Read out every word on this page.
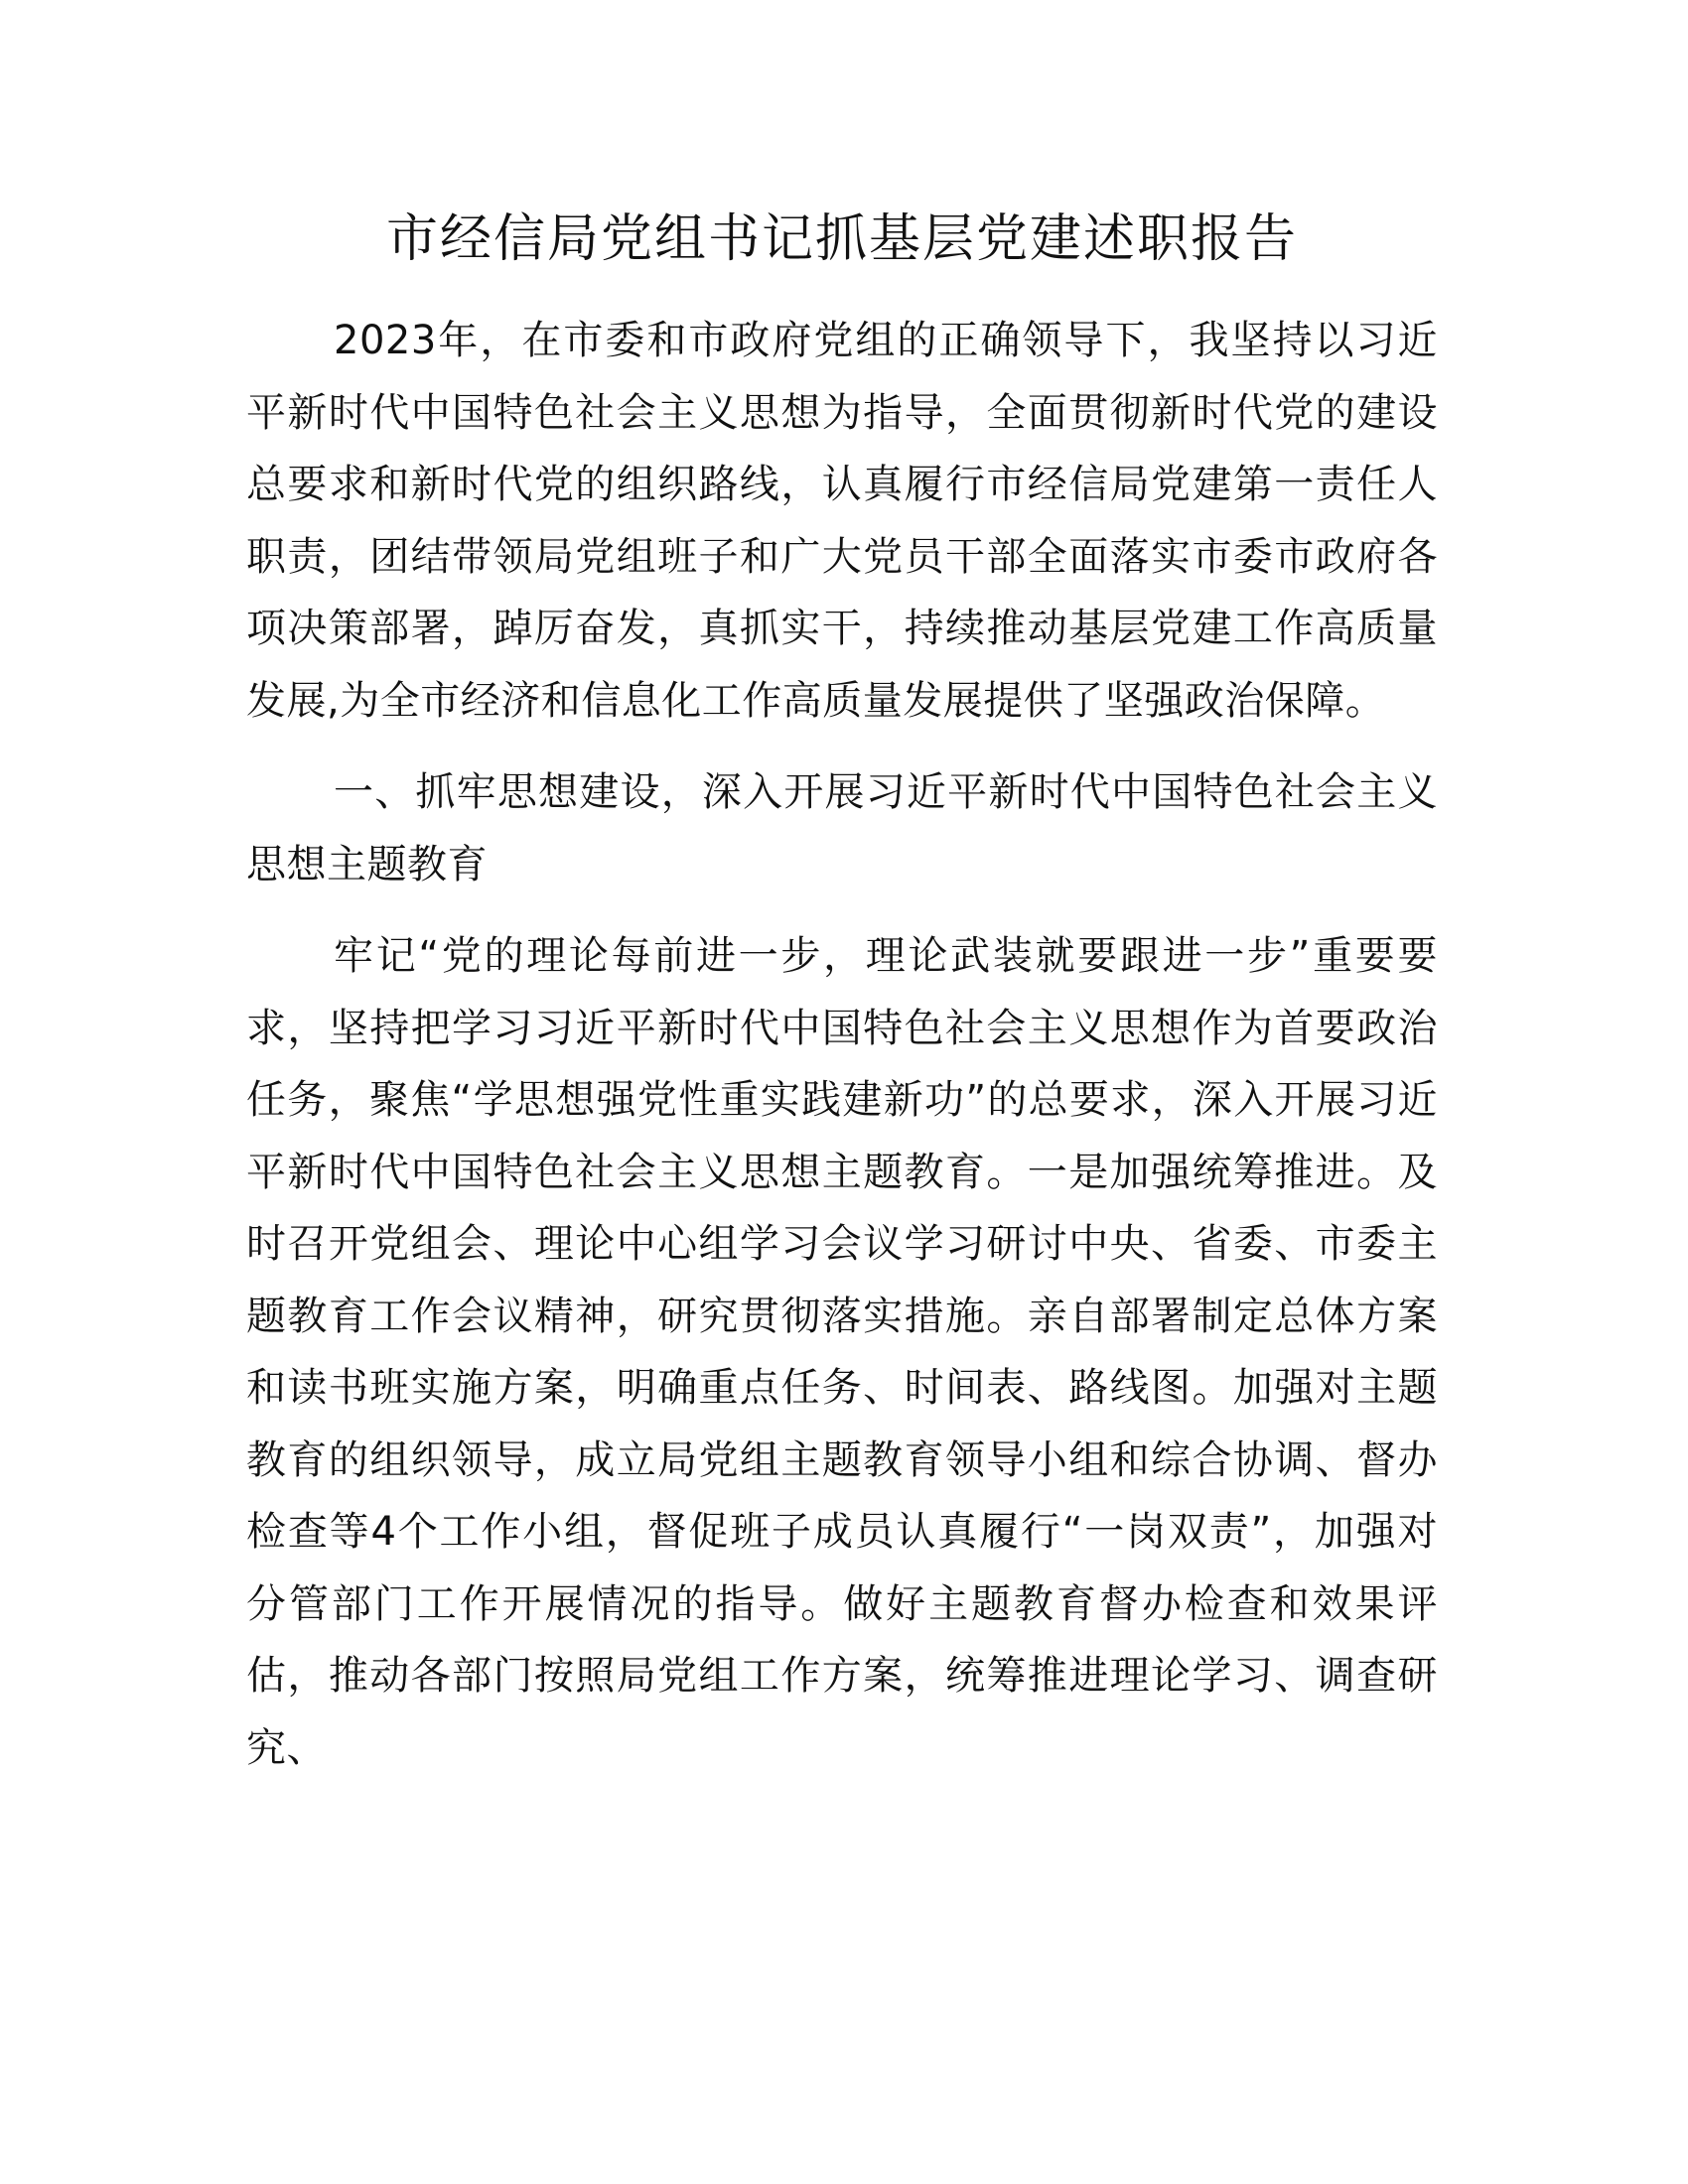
市经信局党组书记抓基层党建述职报告

2023年，在市委和市政府党组的正确领导下，我坚持以习近平新时代中国特色社会主义思想为指导，全面贯彻新时代党的建设总要求和新时代党的组织路线，认真履行市经信局党建第一责任人职责，团结带领局党组班子和广大党员干部全面落实市委市政府各项决策部署，踔厉奋发，真抓实干，持续推动基层党建工作高质量发展,为全市经济和信息化工作高质量发展提供了坚强政治保障。

一、抓牢思想建设，深入开展习近平新时代中国特色社会主义思想主题教育

牢记“党的理论每前进一步，理论武装就要跟进一步”重要要求，坚持把学习习近平新时代中国特色社会主义思想作为首要政治任务，聚焦“学思想强党性重实践建新功”的总要求，深入开展习近平新时代中国特色社会主义思想主题教育。一是加强统筹推进。及时召开党组会、理论中心组学习会议学习研讨中央、省委、市委主题教育工作会议精神，研究贯彻落实措施。亲自部署制定总体方案和读书班实施方案，明确重点任务、时间表、路线图。加强对主题教育的组织领导，成立局党组主题教育领导小组和综合协调、督办检查等4个工作小组，督促班子成员认真履行“一岗双责”，加强对分管部门工作开展情况的指导。做好主题教育督办检查和效果评估，推动各部门按照局党组工作方案，统筹推进理论学习、调查研究、
